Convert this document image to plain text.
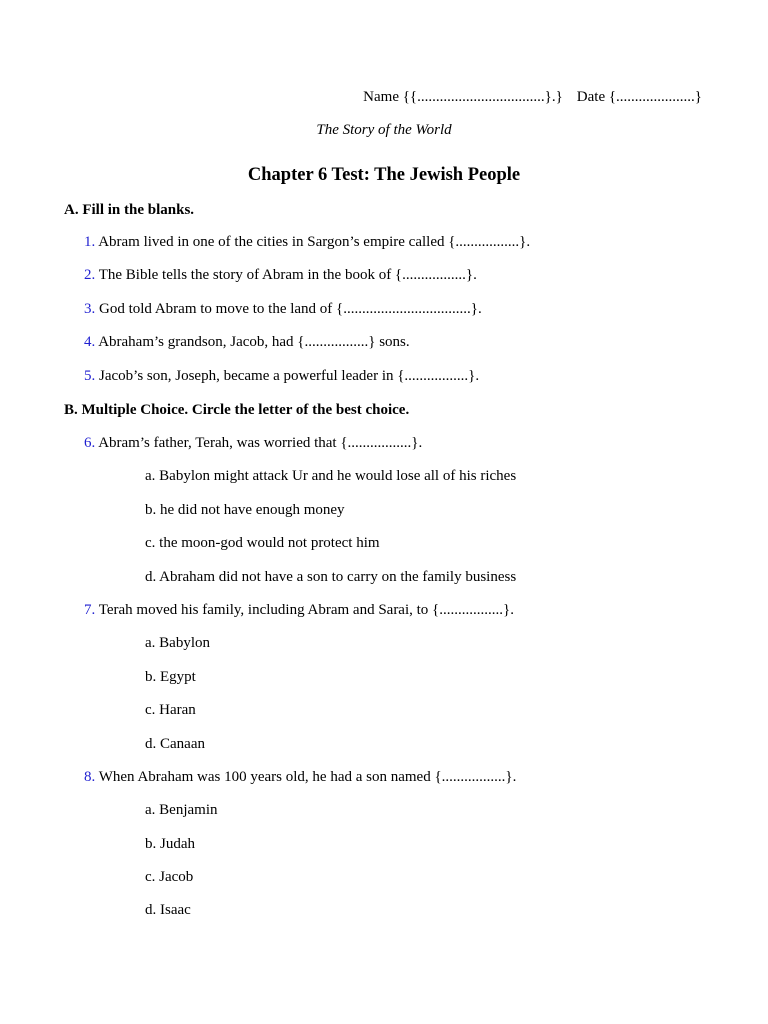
Name {{..................................}.} Date {.....................}
The Story of the World
Chapter 6 Test: The Jewish People
A. Fill in the blanks.
1. Abram lived in one of the cities in Sargon’s empire called {.................}.
2. The Bible tells the story of Abram in the book of {.................}.
3. God told Abram to move to the land of {..................................}.
4. Abraham’s grandson, Jacob, had {.................} sons.
5. Jacob’s son, Joseph, became a powerful leader in {.................}.
B. Multiple Choice. Circle the letter of the best choice.
6. Abram’s father, Terah, was worried that {.................}.
a. Babylon might attack Ur and he would lose all of his riches
b. he did not have enough money
c. the moon-god would not protect him
d. Abraham did not have a son to carry on the family business
7. Terah moved his family, including Abram and Sarai, to {.................}.
a. Babylon
b. Egypt
c. Haran
d. Canaan
8. When Abraham was 100 years old, he had a son named {.................}.
a. Benjamin
b. Judah
c. Jacob
d. Isaac
